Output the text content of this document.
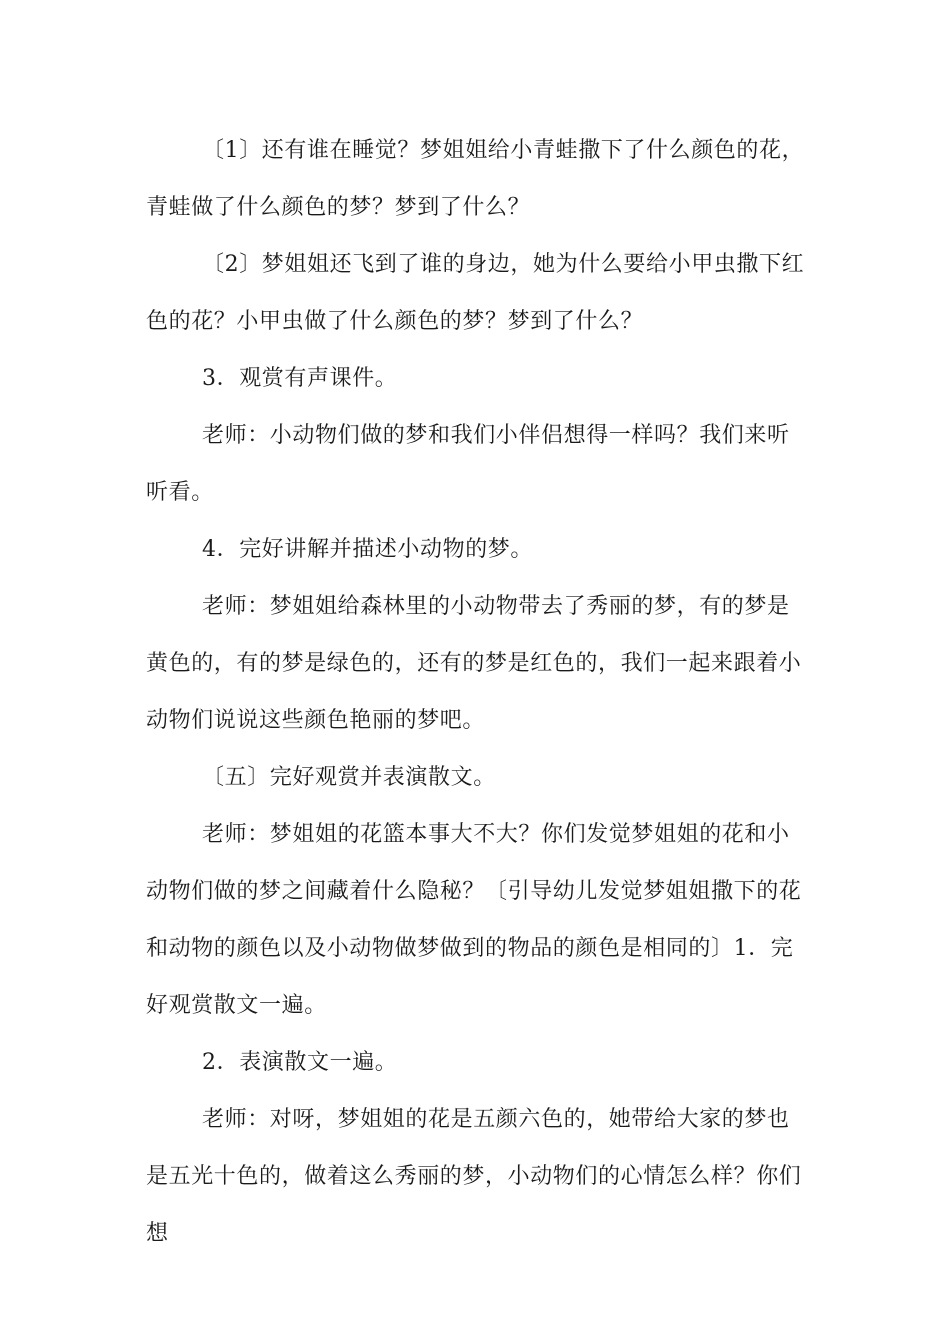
〔1〕还有谁在睡觉？梦姐姐给小青蛙撒下了什么颜色的花，青蛙做了什么颜色的梦？梦到了什么？

〔2〕梦姐姐还飞到了谁的身边，她为什么要给小甲虫撒下红色的花？小甲虫做了什么颜色的梦？梦到了什么？

3．观赏有声课件。

老师：小动物们做的梦和我们小伴侣想得一样吗？我们来听听看。

4．完好讲解并描述小动物的梦。

老师：梦姐姐给森林里的小动物带去了秀丽的梦，有的梦是黄色的，有的梦是绿色的，还有的梦是红色的，我们一起来跟着小动物们说说这些颜色艳丽的梦吧。

〔五〕完好观赏并表演散文。

老师：梦姐姐的花篮本事大不大？你们发觉梦姐姐的花和小动物们做的梦之间藏着什么隐秘？〔引导幼儿发觉梦姐姐撒下的花和动物的颜色以及小动物做梦做到的物品的颜色是相同的〕1．完好观赏散文一遍。

2．表演散文一遍。

老师：对呀，梦姐姐的花是五颜六色的，她带给大家的梦也是五光十色的，做着这么秀丽的梦，小动物们的心情怎么样？你们想
